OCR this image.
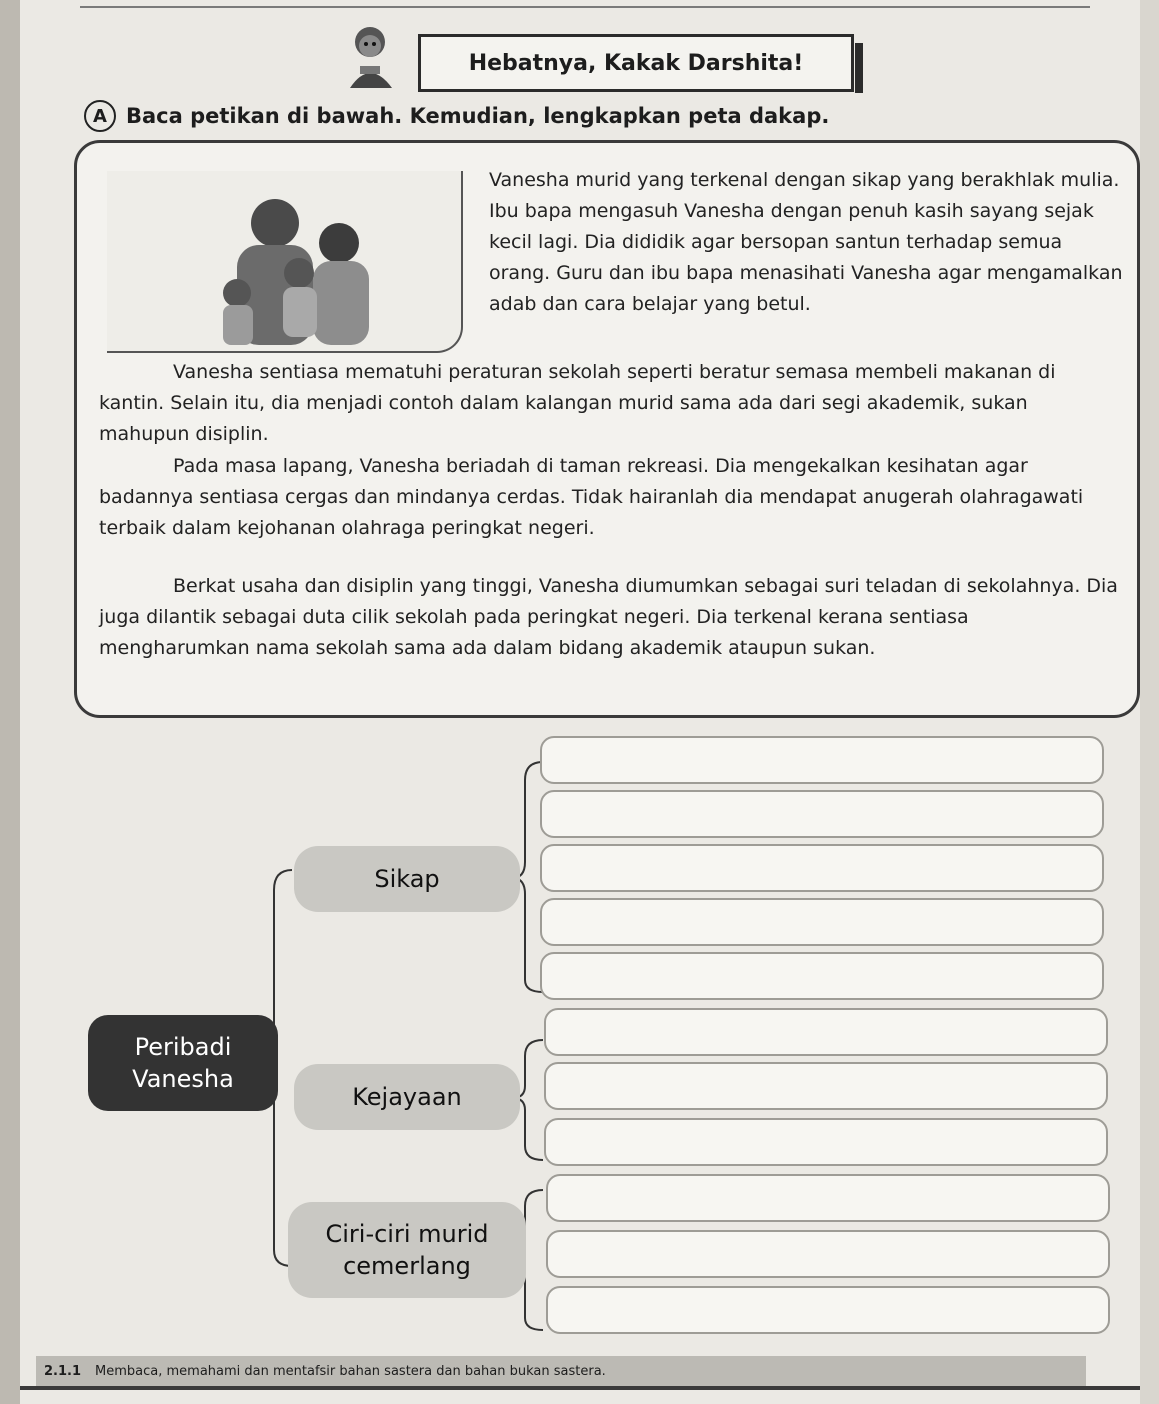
Hebatnya, Kakak Darshita!
A Baca petikan di bawah. Kemudian, lengkapkan peta dakap.
Vanesha murid yang terkenal dengan sikap yang berakhlak mulia. Ibu bapa mengasuh Vanesha dengan penuh kasih sayang sejak kecil lagi. Dia dididik agar bersopan santun terhadap semua orang. Guru dan ibu bapa menasihati Vanesha agar mengamalkan adab dan cara belajar yang betul.
Vanesha sentiasa mematuhi peraturan sekolah seperti beratur semasa membeli makanan di kantin. Selain itu, dia menjadi contoh dalam kalangan murid sama ada dari segi akademik, sukan mahupun disiplin.
Pada masa lapang, Vanesha beriadah di taman rekreasi. Dia mengekalkan kesihatan agar badannya sentiasa cergas dan mindanya cerdas. Tidak hairanlah dia mendapat anugerah olahragawati terbaik dalam kejohanan olahraga peringkat negeri.
Berkat usaha dan disiplin yang tinggi, Vanesha diumumkan sebagai suri teladan di sekolahnya. Dia juga dilantik sebagai duta cilik sekolah pada peringkat negeri. Dia terkenal kerana sentiasa mengharumkan nama sekolah sama ada dalam bidang akademik ataupun sukan.
Peribadi Vanesha
Sikap
Kejayaan
Ciri-ciri murid cemerlang
2.1.1 Membaca, memahami dan mentafsir bahan sastera dan bahan bukan sastera.
